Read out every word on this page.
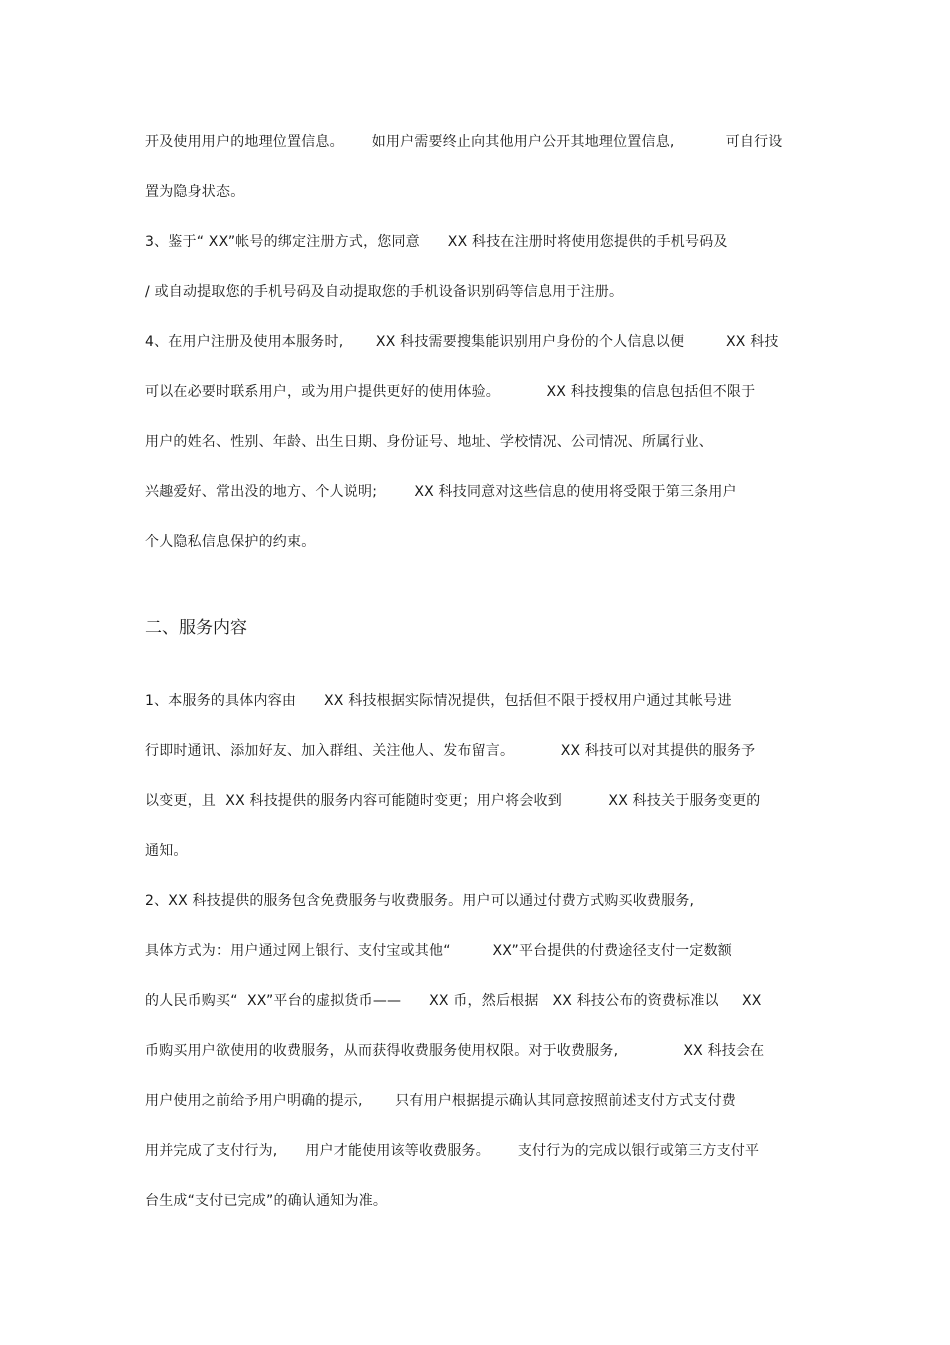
开及使用用户的地理位置信息。      如用户需要终止向其他用户公开其地理位置信息,           可自行设
置为隐身状态。
3、鉴于“ XX”帐号的绑定注册方式，您同意      XX 科技在注册时将使用您提供的手机号码及
/ 或自动提取您的手机号码及自动提取您的手机设备识别码等信息用于注册。
4、在用户注册及使用本服务时,       XX 科技需要搜集能识别用户身份的个人信息以便         XX 科技
可以在必要时联系用户，或为用户提供更好的使用体验。          XX 科技搜集的信息包括但不限于
用户的姓名、性别、年龄、出生日期、身份证号、地址、学校情况、公司情况、所属行业、
兴趣爱好、常出没的地方、个人说明;        XX 科技同意对这些信息的使用将受限于第三条用户
个人隐私信息保护的约束。
二、服务内容
1、本服务的具体内容由      XX 科技根据实际情况提供，包括但不限于授权用户通过其帐号进
行即时通讯、添加好友、加入群组、关注他人、发布留言。          XX 科技可以对其提供的服务予
以变更，且  XX 科技提供的服务内容可能随时变更；用户将会收到          XX 科技关于服务变更的
通知。
2、XX 科技提供的服务包含免费服务与收费服务。用户可以通过付费方式购买收费服务,
具体方式为：用户通过网上银行、支付宝或其他“         XX”平台提供的付费途径支付一定数额
的人民币购买“  XX”平台的虚拟货币——      XX 币，然后根据   XX 科技公布的资费标准以     XX
币购买用户欲使用的收费服务，从而获得收费服务使用权限。对于收费服务,              XX 科技会在
用户使用之前给予用户明确的提示,       只有用户根据提示确认其同意按照前述支付方式支付费
用并完成了支付行为,      用户才能使用该等收费服务。      支付行为的完成以银行或第三方支付平
台生成“支付已完成”的确认通知为准。
